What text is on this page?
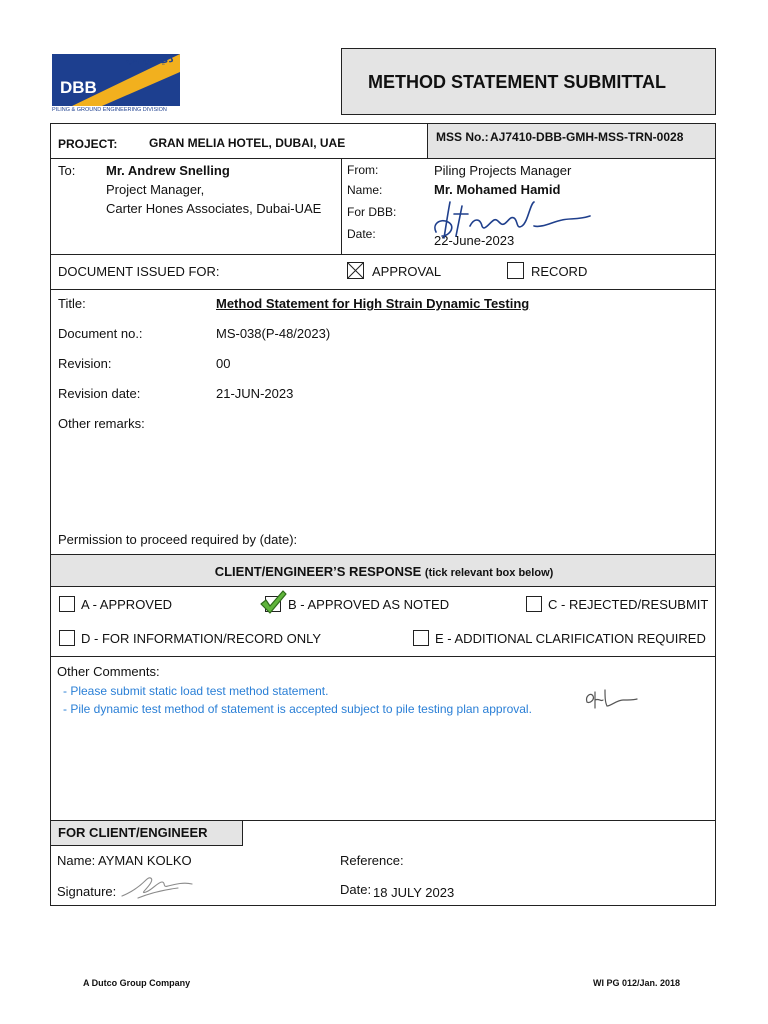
DBB
دي بي بي
PILING & GROUND ENGINEERING DIVISION
METHOD STATEMENT SUBMITTAL
PROJECT:	GRAN MELIA HOTEL, DUBAI, UAE	MSS No.: AJ7410-DBB-GMH-MSS-TRN-0028
To: Mr. Andrew Snelling
Project Manager,
Carter Hones Associates, Dubai-UAE
From:	Piling Projects Manager
Name:	Mr. Mohamed Hamid
For DBB:
Date:	22-June-2023
DOCUMENT ISSUED FOR:	APPROVAL	RECORD
Title:	Method Statement for High Strain Dynamic Testing
Document no.:	MS-038(P-48/2023)
Revision:	00
Revision date:	21-JUN-2023
Other remarks:
Permission to proceed required by (date):
CLIENT/ENGINEER’S RESPONSE (tick relevant box below)
A - APPROVED	B - APPROVED AS NOTED	C - REJECTED/RESUBMIT
D - FOR INFORMATION/RECORD ONLY	E - ADDITIONAL CLARIFICATION REQUIRED
Other Comments:
- Please submit static load test method statement.
- Pile dynamic test method of statement is accepted subject to pile testing plan approval.
FOR CLIENT/ENGINEER
Name: AYMAN KOLKO	Reference:
Signature:	Date: 18 JULY 2023
A Dutco Group Company	WI PG 012/Jan. 2018
